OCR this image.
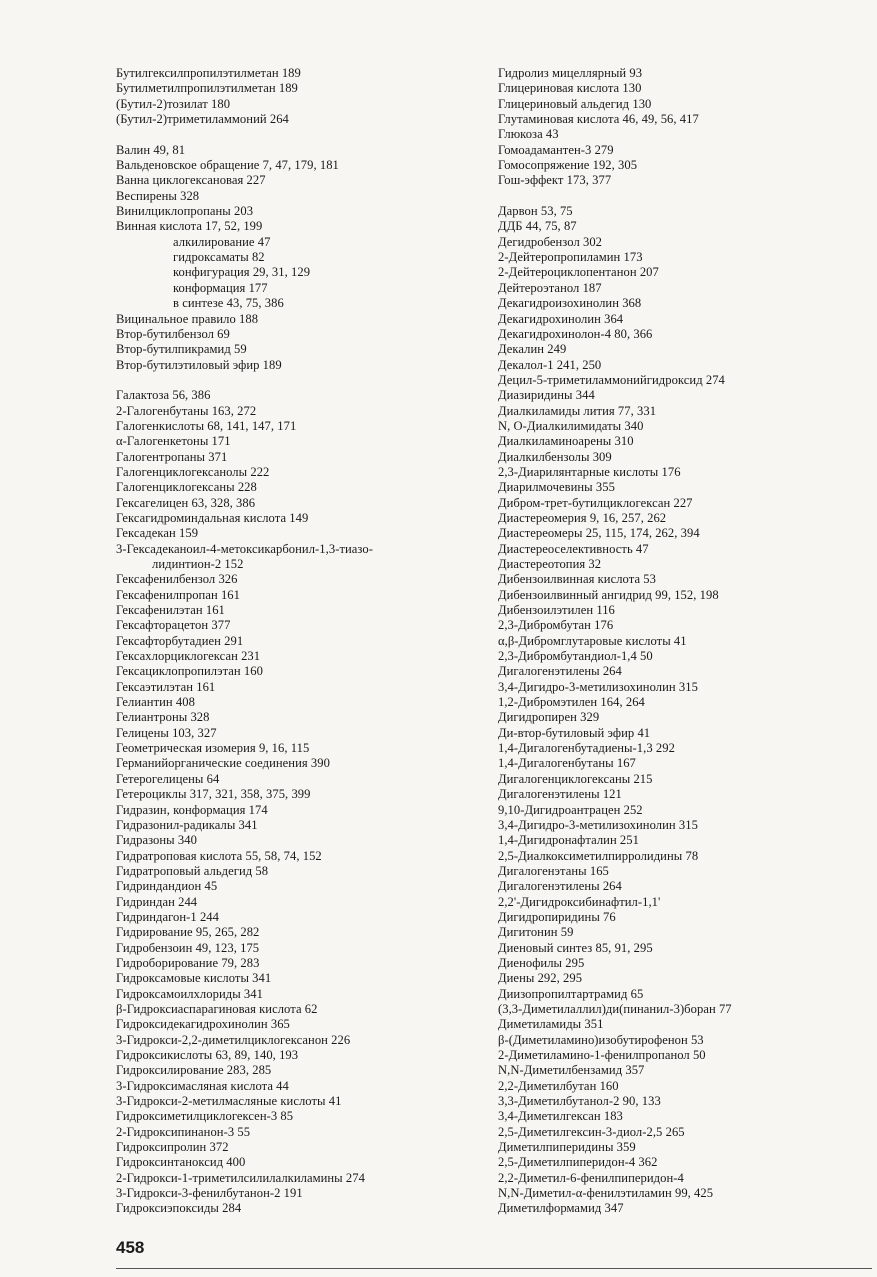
Бутилгексилпропилэтилметан 189
Бутилметилпропилэтилметан 189
(Бутил-2)тозилат 180
(Бутил-2)триметиламмоний 264
Валин 49, 81
Вальденовское обращение 7, 47, 179, 181
Ванна циклогексановая 227
Веспирены 328
Винилциклопропаны 203
Винная кислота 17, 52, 199
алкилирование 47
гидроксаматы 82
конфигурация 29, 31, 129
конформация 177
в синтезе 43, 75, 386
Вицинальное правило 188
Втор-бутилбензол 69
Втор-бутилпикрамид 59
Втор-бутилэтиловый эфир 189
Галактоза 56, 386
2-Галогенбутаны 163, 272
Галогенкислоты 68, 141, 147, 171
α-Галогенкетоны 171
Галогентропаны 371
Галогенциклогексанолы 222
Галогенциклогексаны 228
Гексагелицен 63, 328, 386
Гексагидроминдальная кислота 149
Гексадекан 159
3-Гексадеканоил-4-метоксикарбонил-1,3-тиазо-
лидинтион-2 152
Гексафенилбензол 326
Гексафенилпропан 161
Гексафенилэтан 161
Гексафторацетон 377
Гексафторбутадиен 291
Гексахлорциклогексан 231
Гексациклопропилэтан 160
Гексаэтилэтан 161
Гелиантин 408
Гелиантроны 328
Гелицены 103, 327
Геометрическая изомерия 9, 16, 115
Германийорганические соединения 390
Гетерогелицены 64
Гетероциклы 317, 321, 358, 375, 399
Гидразин, конформация 174
Гидразонил-радикалы 341
Гидразоны 340
Гидратроповая кислота 55, 58, 74, 152
Гидратроповый альдегид 58
Гидриндандион 45
Гидриндан 244
Гидриндагон-1 244
Гидрирование 95, 265, 282
Гидробензоин 49, 123, 175
Гидроборирование 79, 283
Гидроксамовые кислоты 341
Гидроксамоилхлориды 341
β-Гидроксиаспарагиновая кислота 62
Гидроксидекагидрохинолин 365
3-Гидрокси-2,2-диметилциклогексанон 226
Гидроксикислоты 63, 89, 140, 193
Гидроксилирование 283, 285
3-Гидроксимасляная кислота 44
3-Гидрокси-2-метилмасляные кислоты 41
Гидроксиметилциклогексен-3 85
2-Гидроксипинанон-3 55
Гидроксипролин 372
Гидроксинтаноксид 400
2-Гидрокси-1-триметилсилилалкиламины 274
3-Гидрокси-3-фенилбутанон-2 191
Гидроксиэпоксиды 284
Гидролиз мицеллярный 93
Глицериновая кислота 130
Глицериновый альдегид 130
Глутаминовая кислота 46, 49, 56, 417
Глюкоза 43
Гомоадамантен-3 279
Гомосопряжение 192, 305
Гош-эффект 173, 377
Дарвон 53, 75
ДДБ 44, 75, 87
Дегидробензол 302
2-Дейтеропропиламин 173
2-Дейтероциклопентанон 207
Дейтероэтанол 187
Декагидроизохинолин 368
Декагидрохинолин 364
Декагидрохинолон-4 80, 366
Декалин 249
Декалол-1 241, 250
Децил-5-триметиламмонийгидроксид 274
Диазиридины 344
Диалкиламиды лития 77, 331
N, O-Диалкилимидаты 340
Диалкиламиноарены 310
Диалкилбензолы 309
2,3-Диарилянтарные кислоты 176
Диарилмочевины 355
Дибром-трет-бутилциклогексан 227
Диастереомерия 9, 16, 257, 262
Диастереомеры 25, 115, 174, 262, 394
Диастереоселективность 47
Диастереотопия 32
Дибензоилвинная кислота 53
Дибензоилвинный ангидрид 99, 152, 198
Дибензоилэтилен 116
2,3-Дибромбутан 176
α,β-Дибромглутаровые кислоты 41
2,3-Дибромбутандиол-1,4 50
Дигалогенэтилены 264
3,4-Дигидро-3-метилизохинолин 315
1,2-Дибромэтилен 164, 264
Дигидропирен 329
Ди-втор-бутиловый эфир 41
1,4-Дигалогенбутадиены-1,3 292
1,4-Дигалогенбутаны 167
Дигалогенциклогексаны 215
Дигалогенэтилены 121
9,10-Дигидроантрацен 252
3,4-Дигидро-3-метилизохинолин 315
1,4-Дигидронафталин 251
2,5-Диалкоксиметилпирролидины 78
Дигалогенэтаны 165
Дигалогенэтилены 264
2,2'-Дигидроксибинафтил-1,1'
Дигидропиридины 76
Дигитонин 59
Диеновый синтез 85, 91, 295
Диенофилы 295
Диены 292, 295
Диизопропилтартрамид 65
(3,3-Диметилаллил)ди(пинанил-3)боран 77
Диметиламиды 351
β-(Диметиламино)изобутирофенон 53
2-Диметиламино-1-фенилпропанол 50
N,N-Диметилбензамид 357
2,2-Диметилбутан 160
3,3-Диметилбутанол-2 90, 133
3,4-Диметилгексан 183
2,5-Диметилгексин-3-диол-2,5 265
Диметилпиперидины 359
2,5-Диметилпиперидон-4 362
2,2-Диметил-6-фенилпиперидон-4
N,N-Диметил-α-фенилэтиламин 99, 425
Диметилформамид 347
458
